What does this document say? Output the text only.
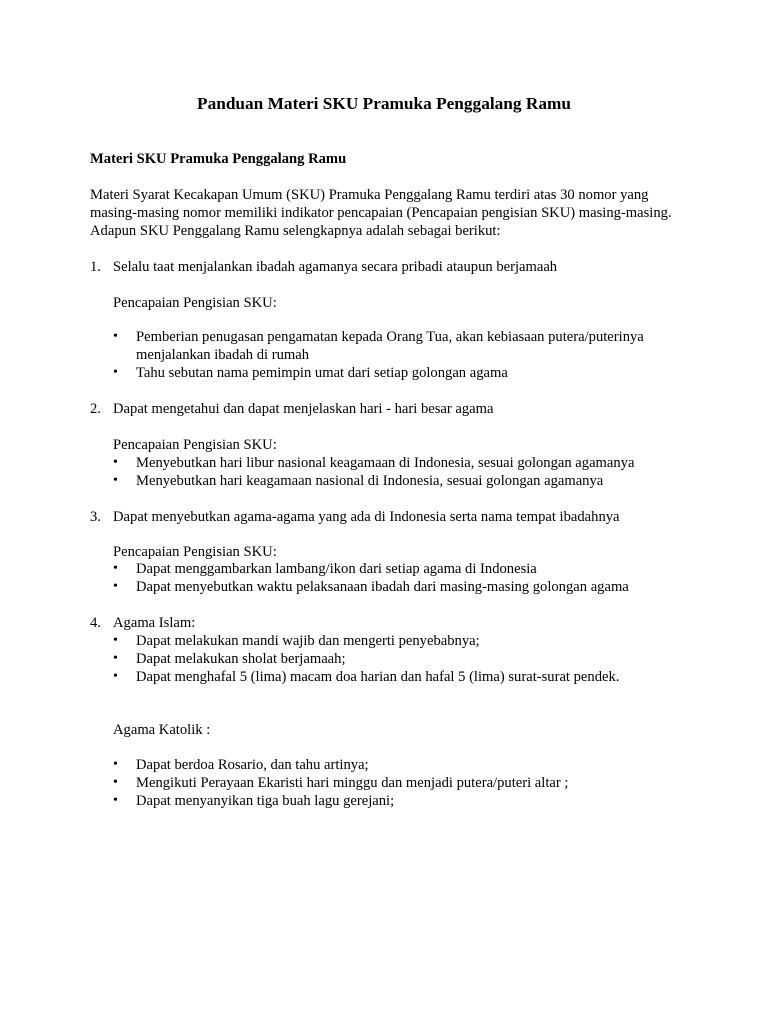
Panduan Materi SKU Pramuka Penggalang Ramu
Materi SKU Pramuka Penggalang Ramu
Materi Syarat Kecakapan Umum (SKU) Pramuka Penggalang Ramu terdiri atas 30 nomor yang masing-masing nomor memiliki indikator pencapaian (Pencapaian pengisian SKU) masing-masing. Adapun SKU Penggalang Ramu selengkapnya adalah sebagai berikut:
1. Selalu taat menjalankan ibadah agamanya secara pribadi ataupun berjamaah
Pencapaian Pengisian SKU:
• Pemberian penugasan pengamatan kepada Orang Tua, akan kebiasaan putera/puterinya menjalankan ibadah di rumah
• Tahu sebutan nama pemimpin umat dari setiap golongan agama
2. Dapat mengetahui dan dapat menjelaskan hari - hari besar agama
Pencapaian Pengisian SKU:
• Menyebutkan hari libur nasional keagamaan di Indonesia, sesuai golongan agamanya
• Menyebutkan hari keagamaan nasional di Indonesia, sesuai golongan agamanya
3. Dapat menyebutkan agama-agama yang ada di Indonesia serta nama tempat ibadahnya
Pencapaian Pengisian SKU:
• Dapat menggambarkan lambang/ikon dari setiap agama di Indonesia
• Dapat menyebutkan waktu pelaksanaan ibadah dari masing-masing golongan agama
4. Agama Islam:
• Dapat melakukan mandi wajib dan mengerti penyebabnya;
• Dapat melakukan sholat berjamaah;
• Dapat menghafal 5 (lima) macam doa harian dan hafal 5 (lima) surat-surat pendek.
Agama Katolik :
• Dapat berdoa Rosario, dan tahu artinya;
• Mengikuti Perayaan Ekaristi hari minggu dan menjadi putera/puteri altar ;
• Dapat menyanyikan tiga buah lagu gerejani;
